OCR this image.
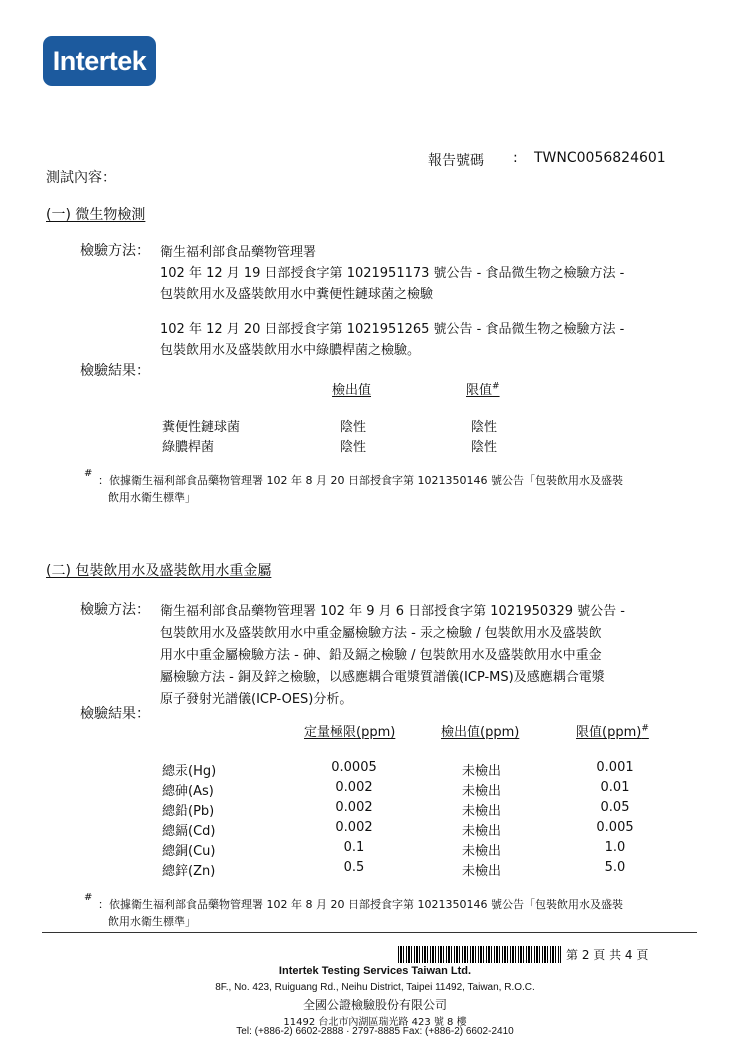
Intertek
報告號碼 : TWNC0056824601
測試內容：
(一) 微生物檢測
檢驗方法： 衛生福利部食品藥物管理署
102 年 12 月 19 日部授食字第 1021951173 號公告 - 食品微生物之檢驗方法 -
包裝飲用水及盛裝飲用水中糞便性鏈球菌之檢驗
102 年 12 月 20 日部授食字第 1021951265 號公告 - 食品微生物之檢驗方法 -
包裝飲用水及盛裝飲用水中綠膿桿菌之檢驗。
檢驗結果：
檢出值	限值#
糞便性鏈球菌	陰性	陰性
綠膿桿菌	陰性	陰性
#
：依據衛生福利部食品藥物管理署 102 年 8 月 20 日部授食字第 1021350146 號公告「包裝飲用水及盛裝
飲用水衛生標準」
(二) 包裝飲用水及盛裝飲用水重金屬
檢驗方法： 衛生福利部食品藥物管理署 102 年 9 月 6 日部授食字第 1021950329 號公告 -
包裝飲用水及盛裝飲用水中重金屬檢驗方法 - 汞之檢驗 / 包裝飲用水及盛裝飲
用水中重金屬檢驗方法 - 砷、鉛及鎘之檢驗 / 包裝飲用水及盛裝飲用水中重金
屬檢驗方法 - 銅及鋅之檢驗，以感應耦合電漿質譜儀(ICP-MS)及感應耦合電漿
原子發射光譜儀(ICP-OES)分析。
檢驗結果：
定量極限(ppm)	檢出值(ppm)	限值(ppm)#
總汞(Hg)	0.0005	未檢出	0.001
總砷(As)	0.002	未檢出	0.01
總鉛(Pb)	0.002	未檢出	0.05
總鎘(Cd)	0.002	未檢出	0.005
總銅(Cu)	0.1	未檢出	1.0
總鋅(Zn)	0.5	未檢出	5.0
#
：依據衛生福利部食品藥物管理署 102 年 8 月 20 日部授食字第 1021350146 號公告「包裝飲用水及盛裝
飲用水衛生標準」
第 2 頁 共 4 頁
Intertek Testing Services Taiwan Ltd.
8F., No. 423, Ruiguang Rd., Neihu District, Taipei 11492, Taiwan, R.O.C.
全國公證檢驗股份有限公司
11492 台北市內湖區瑞光路 423 號 8 樓
Tel: (+886-2) 6602-2888 · 2797-8885 Fax: (+886-2) 6602-2410
